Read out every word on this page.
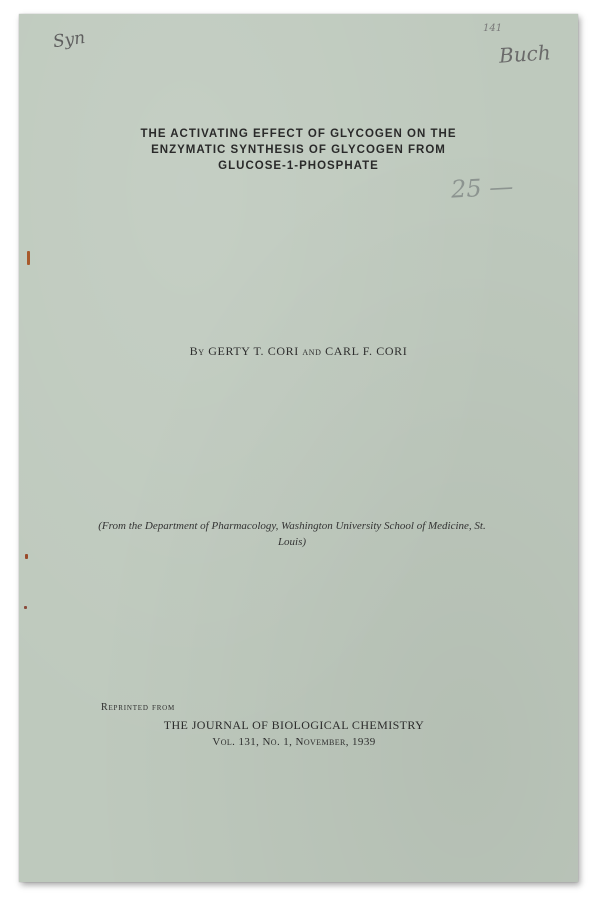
Syn	141
Buch
25 —
THE ACTIVATING EFFECT OF GLYCOGEN ON THE
ENZYMATIC SYNTHESIS OF GLYCOGEN FROM
GLUCOSE-1-PHOSPHATE
By GERTY T. CORI and CARL F. CORI
(From the Department of Pharmacology, Washington University School of Medicine, St. Louis)
Reprinted from
THE JOURNAL OF BIOLOGICAL CHEMISTRY
Vol. 131, No. 1, November, 1939
